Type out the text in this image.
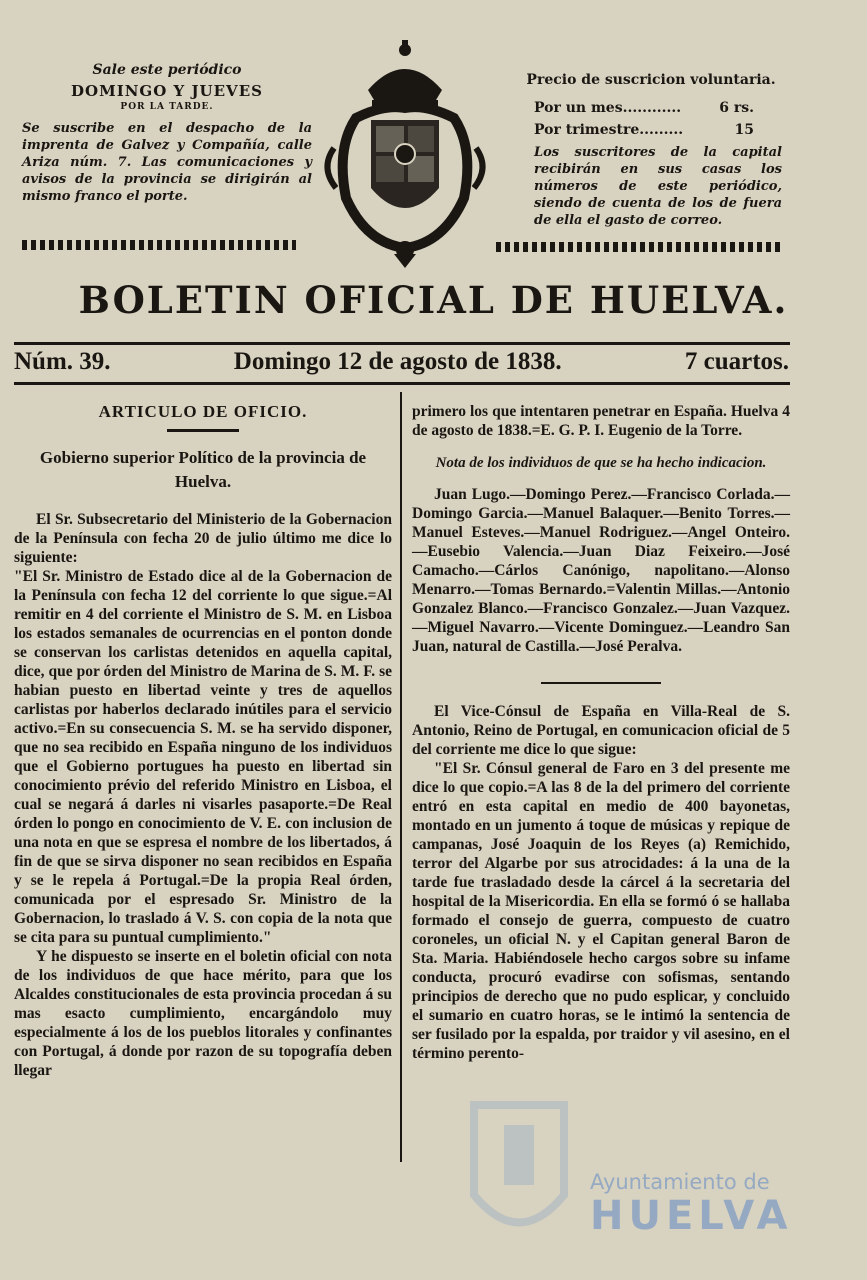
Sale este periódico
DOMINGO Y JUEVES
POR LA TARDE.
Se suscribe en el despacho de la imprenta de Galvez y Compañía, calle Ariza núm. 7. Las comunicaciones y avisos de la provincia se dirigirán al mismo franco el porte.
Precio de suscricion voluntaria.
Por un mes............	6 rs.
Por trimestre.........	15
Los suscritores de la capital recibirán en sus casas los números de este periódico, siendo de cuenta de los de fuera de ella el gasto de correo.
BOLETIN OFICIAL DE HUELVA.
Núm. 39.	Domingo 12 de agosto de 1838.	7 cuartos.
ARTICULO DE OFICIO.
Gobierno superior Político de la provincia de Huelva.

El Sr. Subsecretario del Ministerio de la Gobernacion de la Península con fecha 20 de julio último me dice lo siguiente:

"El Sr. Ministro de Estado dice al de la Gobernacion de la Península con fecha 12 del corriente lo que sigue.=Al remitir en 4 del corriente el Ministro de S. M. en Lisboa los estados semanales de ocurrencias en el ponton donde se conservan los carlistas detenidos en aquella capital, dice, que por órden del Ministro de Marina de S. M. F. se habian puesto en libertad veinte y tres de aquellos carlistas por haberlos declarado inútiles para el servicio activo.=En su consecuencia S. M. se ha servido disponer, que no sea recibido en España ninguno de los individuos que el Gobierno portugues ha puesto en libertad sin conocimiento prévio del referido Ministro en Lisboa, el cual se negará á darles ni visarles pasaporte.=De Real órden lo pongo en conocimiento de V. E. con inclusion de una nota en que se espresa el nombre de los libertados, á fin de que se sirva disponer no sean recibidos en España y se le repela á Portugal.=De la propia Real órden, comunicada por el espresado Sr. Ministro de la Gobernacion, lo traslado á V. S. con copia de la nota que se cita para su puntual cumplimiento."

Y he dispuesto se inserte en el boletin oficial con nota de los individuos de que hace mérito, para que los Alcaldes constitucionales de esta provincia procedan á su mas esacto cumplimiento, encargándolo muy especialmente á los de los pueblos litorales y confinantes con Portugal, á donde por razon de su topografía deben llegar

primero los que intentaren penetrar en España. Huelva 4 de agosto de 1838.=E. G. P. I. Eugenio de la Torre.

Nota de los individuos de que se ha hecho indicacion.

Juan Lugo.—Domingo Perez.—Francisco Corlada.—Domingo Garcia.—Manuel Balaquer.—Benito Torres.—Manuel Esteves.—Manuel Rodriguez.—Angel Onteiro.—Eusebio Valencia.—Juan Diaz Feixeiro.—José Camacho.—Cárlos Canónigo, napolitano.—Alonso Menarro.—Tomas Bernardo.=Valentin Millas.—Antonio Gonzalez Blanco.—Francisco Gonzalez.—Juan Vazquez.—Miguel Navarro.—Vicente Dominguez.—Leandro San Juan, natural de Castilla.—José Peralva.

El Vice-Cónsul de España en Villa-Real de S. Antonio, Reino de Portugal, en comunicacion oficial de 5 del corriente me dice lo que sigue:

"El Sr. Cónsul general de Faro en 3 del presente me dice lo que copio.=A las 8 de la del primero del corriente entró en esta capital en medio de 400 bayonetas, montado en un jumento á toque de músicas y repique de campanas, José Joaquin de los Reyes (a) Remichido, terror del Algarbe por sus atrocidades: á la una de la tarde fue trasladado desde la cárcel á la secretaria del hospital de la Misericordia. En ella se formó ó se hallaba formado el consejo de guerra, compuesto de cuatro coroneles, un oficial N. y el Capitan general Baron de Sta. Maria. Habiéndosele hecho cargos sobre su infame conducta, procuró evadirse con sofismas, sentando principios de derecho que no pudo esplicar, y concluido el sumario en cuatro horas, se le intimó la sentencia de ser fusilado por la espalda, por traidor y vil asesino, en el término perento-

Ayuntamiento de
HUELVA
